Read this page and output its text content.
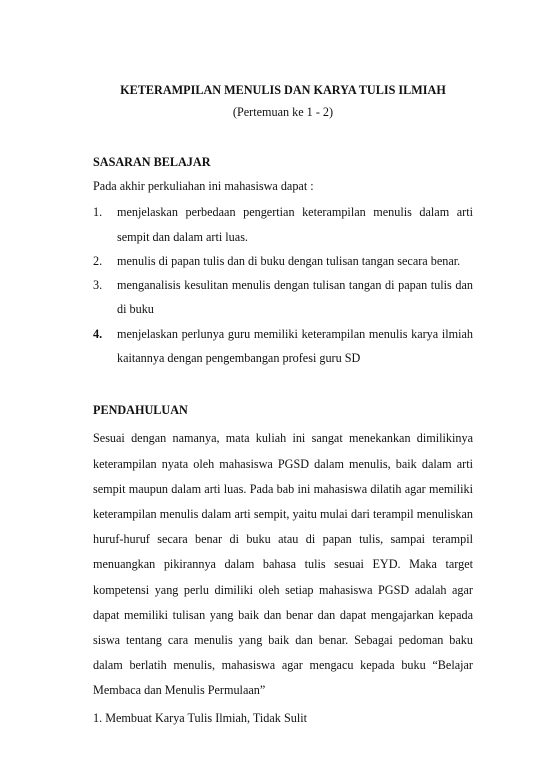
KETERAMPILAN MENULIS DAN KARYA TULIS ILMIAH
(Pertemuan ke 1 - 2)
SASARAN BELAJAR
Pada akhir perkuliahan ini mahasiswa dapat :
1. menjelaskan perbedaan pengertian keterampilan menulis dalam arti sempit dan dalam arti luas.
2. menulis di papan tulis dan di buku dengan tulisan tangan secara benar.
3. menganalisis kesulitan menulis dengan tulisan tangan di papan tulis dan di buku
4. menjelaskan perlunya guru memiliki keterampilan menulis karya ilmiah kaitannya dengan pengembangan profesi guru SD
PENDAHULUAN
Sesuai dengan namanya, mata kuliah ini sangat menekankan dimilikinya keterampilan nyata oleh mahasiswa PGSD dalam menulis, baik dalam arti sempit maupun dalam arti luas. Pada bab ini mahasiswa dilatih agar memiliki keterampilan menulis dalam arti sempit, yaitu mulai dari terampil menuliskan huruf-huruf secara benar di buku atau di papan tulis, sampai terampil menuangkan pikirannya dalam bahasa tulis sesuai EYD. Maka target kompetensi yang perlu dimiliki oleh setiap mahasiswa PGSD adalah agar dapat memiliki tulisan yang baik dan benar dan dapat mengajarkan kepada siswa tentang cara menulis yang baik dan benar. Sebagai pedoman baku dalam berlatih menulis, mahasiswa agar mengacu kepada buku “Belajar Membaca dan Menulis Permulaan”
1. Membuat Karya Tulis Ilmiah, Tidak Sulit
